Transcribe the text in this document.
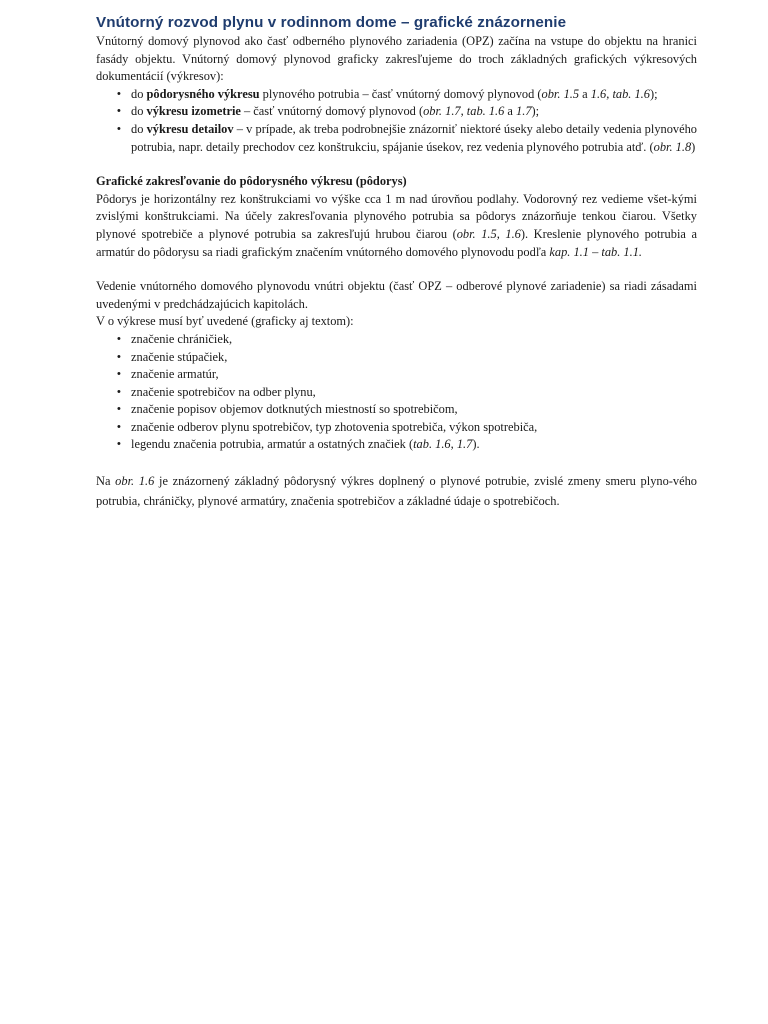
Vnútorný rozvod plynu v rodinnom dome – grafické znázornenie

Vnútorný domový plynovod ako časť odberného plynového zariadenia (OPZ) začína na vstupe do objektu na hranici fasády objektu. Vnútorný domový plynovod graficky zakresľujeme do troch základných grafických výkresových dokumentácií (výkresov):

• do pôdorysného výkresu plynového potrubia – časť vnútorný domový plynovod (obr. 1.5 a 1.6, tab. 1.6);
• do výkresu izometrie – časť vnútorný domový plynovod (obr. 1.7, tab. 1.6 a 1.7);
• do výkresu detailov – v prípade, ak treba podrobnejšie znázorniť niektoré úseky alebo detaily vedenia plynového potrubia, napr. detaily prechodov cez konštrukciu, spájanie úsekov, rez vedenia plynového potrubia atď. (obr. 1.8)

Grafické zakresľovanie do pôdorysného výkresu (pôdorys)

Pôdorys je horizontálny rez konštrukciami vo výške cca 1 m nad úrovňou podlahy. Vodorovný rez vedieme všet-kými zvislými konštrukciami. Na účely zakresľovania plynového potrubia sa pôdorys znázorňuje tenkou čiarou. Všetky plynové spotrebiče a plynové potrubia sa zakresľujú hrubou čiarou (obr. 1.5, 1.6). Kreslenie plynového potrubia a armatúr do pôdorysu sa riadi grafickým značením vnútorného domového plynovodu podľa kap. 1.1 – tab. 1.1.

Vedenie vnútorného domového plynovodu vnútri objektu (časť OPZ – odberové plynové zariadenie) sa riadi zásadami uvedenými v predchádzajúcich kapitolách.

V o výkrese musí byť uvedené (graficky aj textom):

• značenie chráničiek,
• značenie stúpačiek,
• značenie armatúr,
• značenie spotrebičov na odber plynu,
• značenie popisov objemov dotknutých miestností so spotrebičom,
• značenie odberov plynu spotrebičov, typ zhotovenia spotrebiča, výkon spotrebiča,
• legendu značenia potrubia, armatúr a ostatných značiek (tab. 1.6, 1.7).

Na obr. 1.6 je znázornený základný pôdorysný výkres doplnený o plynové potrubie, zvislé zmeny smeru plyno-vého potrubia, chráničky, plynové armatúry, značenia spotrebičov a základné údaje o spotrebičoch.
